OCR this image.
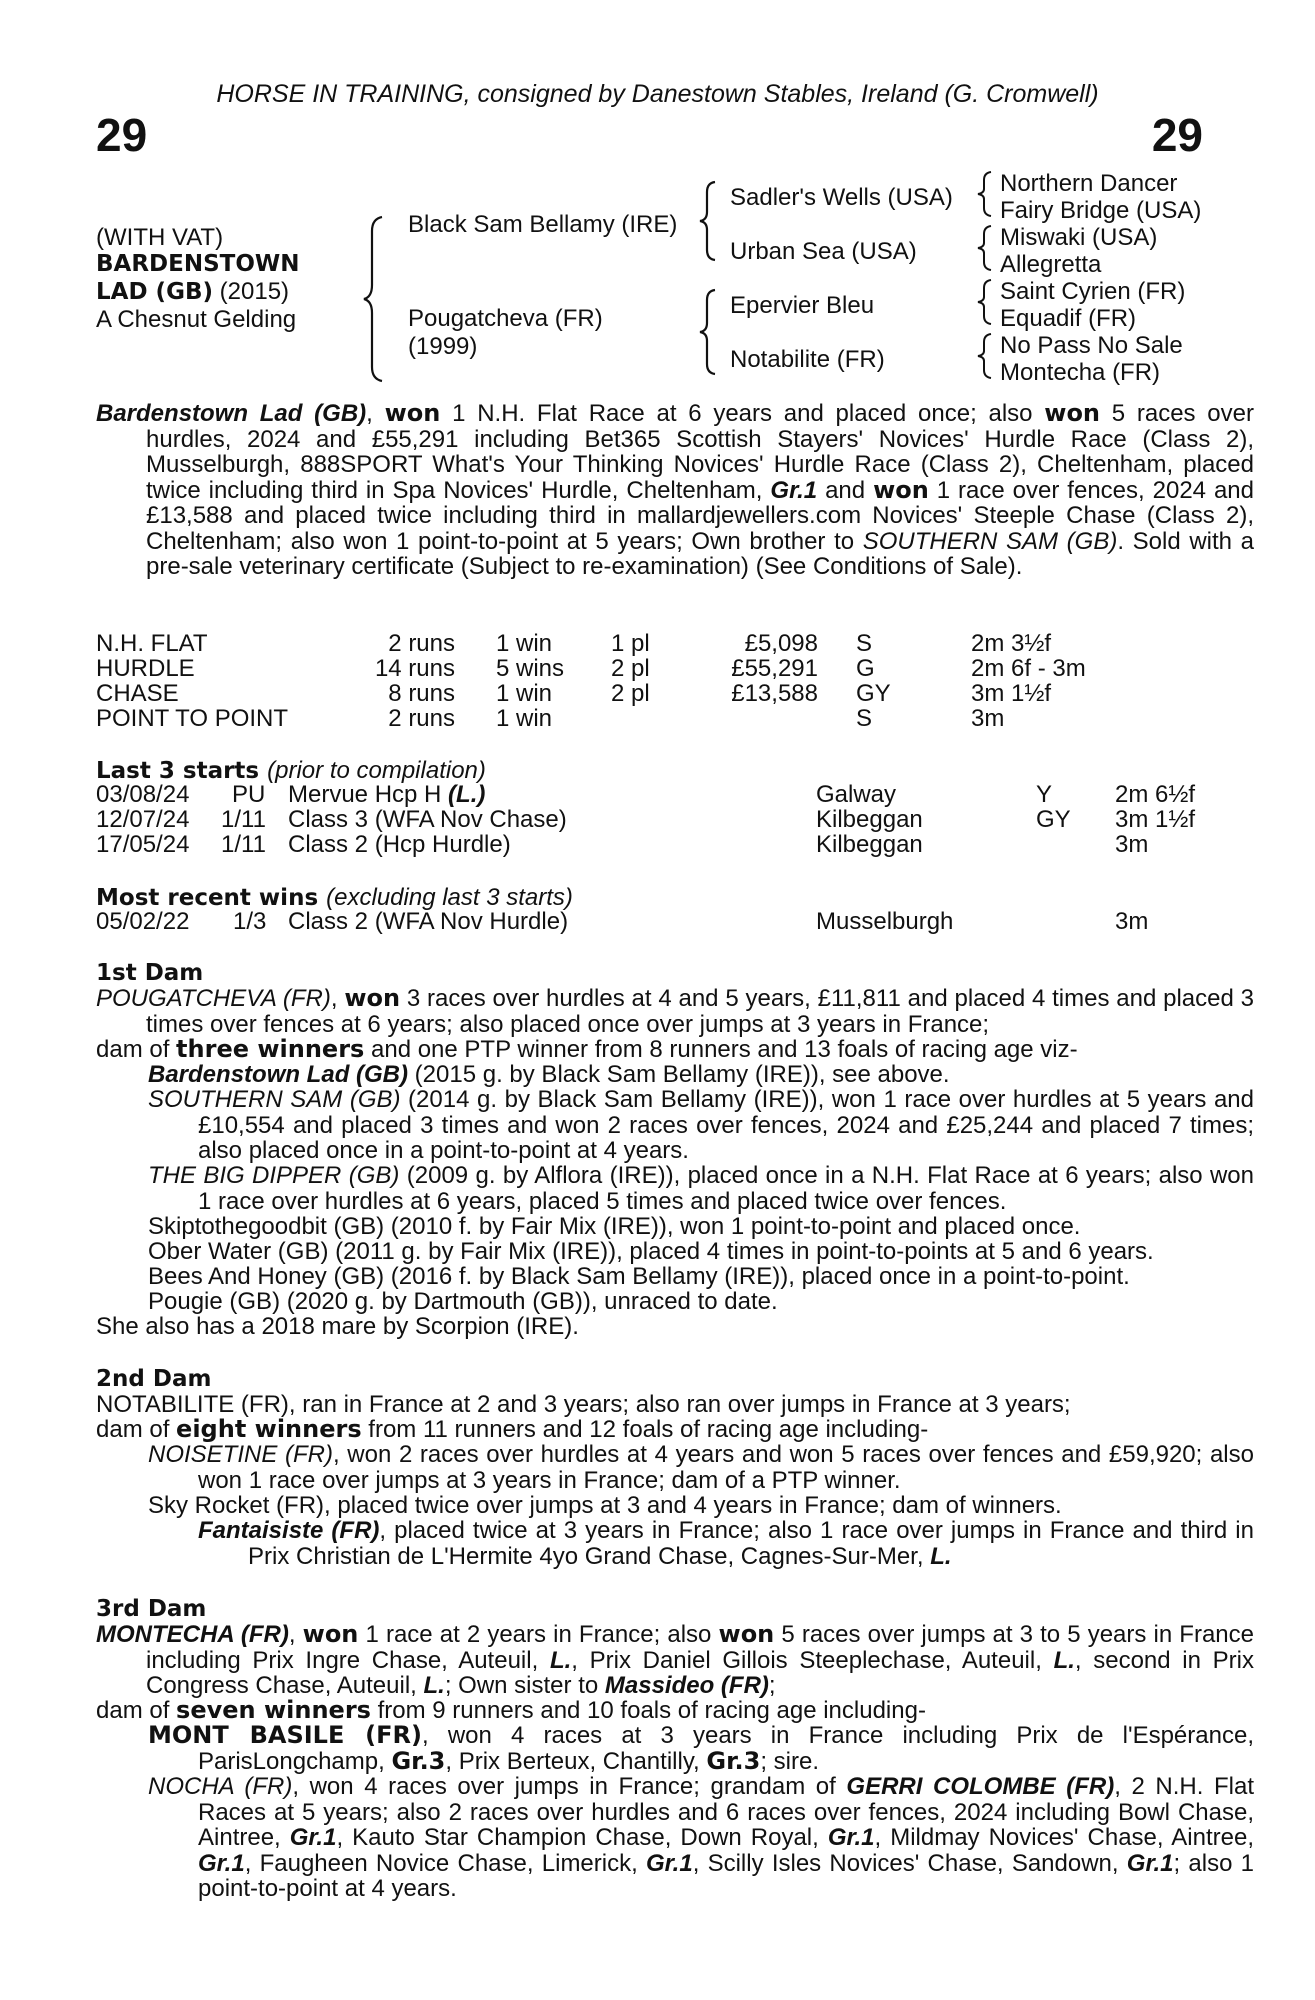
HORSE IN TRAINING, consigned by Danestown Stables, Ireland (G. Cromwell)
29	29
(WITH VAT)
BARDENSTOWN
LAD (GB) (2015)
A Chesnut Gelding
Black Sam Bellamy (IRE)
Pougatcheva (FR)
(1999)
Sadler's Wells (USA)
Urban Sea (USA)
Epervier Bleu
Notabilite (FR)
Northern Dancer
Fairy Bridge (USA)
Miswaki (USA)
Allegretta
Saint Cyrien (FR)
Equadif (FR)
No Pass No Sale
Montecha (FR)
Bardenstown Lad (GB), won 1 N.H. Flat Race at 6 years and placed once; also won 5 races over hurdles, 2024 and £55,291 including Bet365 Scottish Stayers' Novices' Hurdle Race (Class 2), Musselburgh, 888SPORT What's Your Thinking Novices' Hurdle Race (Class 2), Cheltenham, placed twice including third in Spa Novices' Hurdle, Cheltenham, Gr.1 and won 1 race over fences, 2024 and £13,588 and placed twice including third in mallardjewellers.com Novices' Steeple Chase (Class 2), Cheltenham; also won 1 point-to-point at 5 years; Own brother to SOUTHERN SAM (GB). Sold with a pre-sale veterinary certificate (Subject to re-examination) (See Conditions of Sale).
N.H. FLAT	2 runs 1 win 1 pl	£5,098 S	2m 3½f
HURDLE	14 runs 5 wins 2 pl	£55,291 G	2m 6f - 3m
CHASE	8 runs 1 win 2 pl	£13,588 GY	3m 1½f
POINT TO POINT	2 runs 1 win	S	3m
Last 3 starts (prior to compilation)
03/08/24 PU Mervue Hcp H (L.)	Galway	Y	2m 6½f
12/07/24 1/11 Class 3 (WFA Nov Chase)	Kilbeggan	GY 3m 1½f
17/05/24 1/11 Class 2 (Hcp Hurdle)	Kilbeggan	3m
Most recent wins (excluding last 3 starts)
05/02/22 1/3 Class 2 (WFA Nov Hurdle)	Musselburgh	3m
1st Dam
POUGATCHEVA (FR), won 3 races over hurdles at 4 and 5 years, £11,811 and placed 4 times and placed 3 times over fences at 6 years; also placed once over jumps at 3 years in France;
dam of three winners and one PTP winner from 8 runners and 13 foals of racing age viz-
Bardenstown Lad (GB) (2015 g. by Black Sam Bellamy (IRE)), see above.
SOUTHERN SAM (GB) (2014 g. by Black Sam Bellamy (IRE)), won 1 race over hurdles at 5 years and £10,554 and placed 3 times and won 2 races over fences, 2024 and £25,244 and placed 7 times; also placed once in a point-to-point at 4 years.
THE BIG DIPPER (GB) (2009 g. by Alflora (IRE)), placed once in a N.H. Flat Race at 6 years; also won 1 race over hurdles at 6 years, placed 5 times and placed twice over fences.
Skiptothegoodbit (GB) (2010 f. by Fair Mix (IRE)), won 1 point-to-point and placed once.
Ober Water (GB) (2011 g. by Fair Mix (IRE)), placed 4 times in point-to-points at 5 and 6 years.
Bees And Honey (GB) (2016 f. by Black Sam Bellamy (IRE)), placed once in a point-to-point.
Pougie (GB) (2020 g. by Dartmouth (GB)), unraced to date.
She also has a 2018 mare by Scorpion (IRE).
2nd Dam
NOTABILITE (FR), ran in France at 2 and 3 years; also ran over jumps in France at 3 years;
dam of eight winners from 11 runners and 12 foals of racing age including-
NOISETINE (FR), won 2 races over hurdles at 4 years and won 5 races over fences and £59,920; also won 1 race over jumps at 3 years in France; dam of a PTP winner.
Sky Rocket (FR), placed twice over jumps at 3 and 4 years in France; dam of winners.
Fantaisiste (FR), placed twice at 3 years in France; also 1 race over jumps in France and third in Prix Christian de L'Hermite 4yo Grand Chase, Cagnes-Sur-Mer, L.
3rd Dam
MONTECHA (FR), won 1 race at 2 years in France; also won 5 races over jumps at 3 to 5 years in France including Prix Ingre Chase, Auteuil, L., Prix Daniel Gillois Steeplechase, Auteuil, L., second in Prix Congress Chase, Auteuil, L.; Own sister to Massideo (FR);
dam of seven winners from 9 runners and 10 foals of racing age including-
MONT BASILE (FR), won 4 races at 3 years in France including Prix de l'Espérance, ParisLongchamp, Gr.3, Prix Berteux, Chantilly, Gr.3; sire.
NOCHA (FR), won 4 races over jumps in France; grandam of GERRI COLOMBE (FR), 2 N.H. Flat Races at 5 years; also 2 races over hurdles and 6 races over fences, 2024 including Bowl Chase, Aintree, Gr.1, Kauto Star Champion Chase, Down Royal, Gr.1, Mildmay Novices' Chase, Aintree, Gr.1, Faugheen Novice Chase, Limerick, Gr.1, Scilly Isles Novices' Chase, Sandown, Gr.1; also 1 point-to-point at 4 years.
